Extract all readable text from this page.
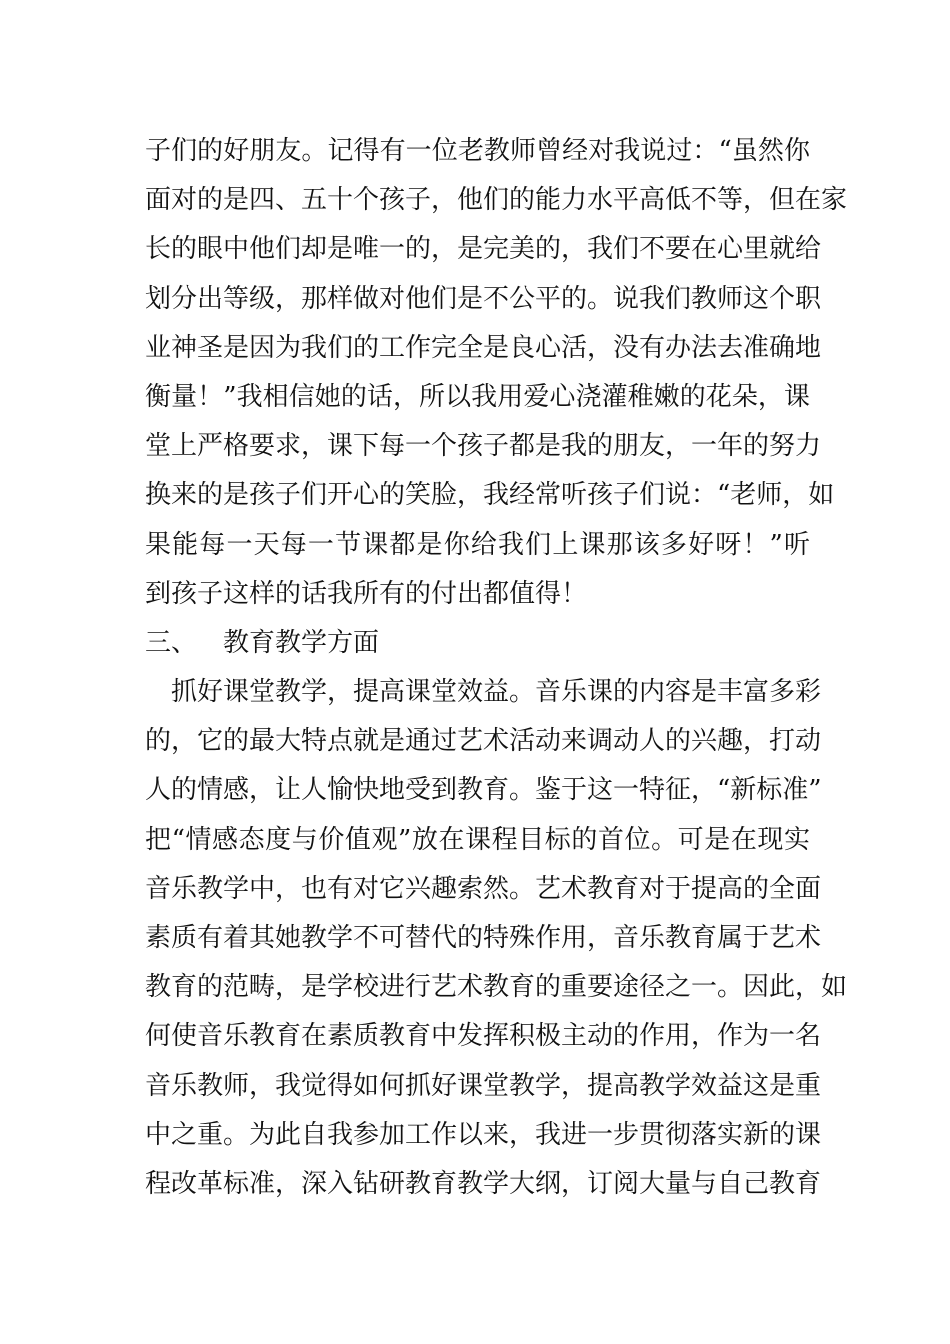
子们的好朋友。记得有一位老教师曾经对我说过：“虽然你
面对的是四、五十个孩子，他们的能力水平高低不等，但在家
长的眼中他们却是唯一的，是完美的，我们不要在心里就给
划分出等级，那样做对他们是不公平的。说我们教师这个职
业神圣是因为我们的工作完全是良心活，没有办法去准确地
衡量！”我相信她的话，所以我用爱心浇灌稚嫩的花朵，课
堂上严格要求，课下每一个孩子都是我的朋友，一年的努力
换来的是孩子们开心的笑脸，我经常听孩子们说：“老师，如
果能每一天每一节课都是你给我们上课那该多好呀！”听
到孩子这样的话我所有的付出都值得！
三、 教育教学方面
抓好课堂教学，提高课堂效益。音乐课的内容是丰富多彩
的，它的最大特点就是通过艺术活动来调动人的兴趣，打动
人的情感，让人愉快地受到教育。鉴于这一特征，“新标准”
把“情感态度与价值观”放在课程目标的首位。可是在现实
音乐教学中，也有对它兴趣索然。艺术教育对于提高的全面
素质有着其她教学不可替代的特殊作用，音乐教育属于艺术
教育的范畴，是学校进行艺术教育的重要途径之一。因此，如
何使音乐教育在素质教育中发挥积极主动的作用，作为一名
音乐教师，我觉得如何抓好课堂教学，提高教学效益这是重
中之重。为此自我参加工作以来，我进一步贯彻落实新的课
程改革标准，深入钻研教育教学大纲，订阅大量与自己教育
